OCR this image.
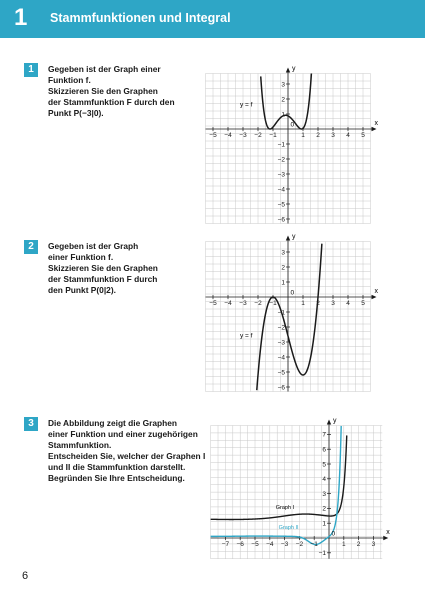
1 Stammfunktionen und Integral
1	Gegeben ist der Graph einer
Funktion f.
Skizzieren Sie den Graphen
der Stammfunktion F durch den
Punkt P(−3|0).
2	Gegeben ist der Graph
einer Funktion f.
Skizzieren Sie den Graphen
der Stammfunktion F durch
den Punkt P(0|2).
3	Die Abbildung zeigt die Graphen
einer Funktion und einer zugehörigen
Stammfunktion.
Entscheiden Sie, welcher der Graphen I
und II die Stammfunktion darstellt.
Begründen Sie Ihre Entscheidung.
x
y
0
y = f
−5 −4 −3 −2 −1	1 2 3 4 5
3
2
1
−1
−2
−3
−4
−5
−6
x
y
0
y = f
−5 −4 −3 −2 −1	1 2 3 4 5
3
2
1
−1
−2
−3
−4
−5
−6
x
y
0
Graph I
Graph II
−7 −6 −5 −4 −3 −2 −1	1 2 3
7
6
5
4
3
2
1
−1
6
